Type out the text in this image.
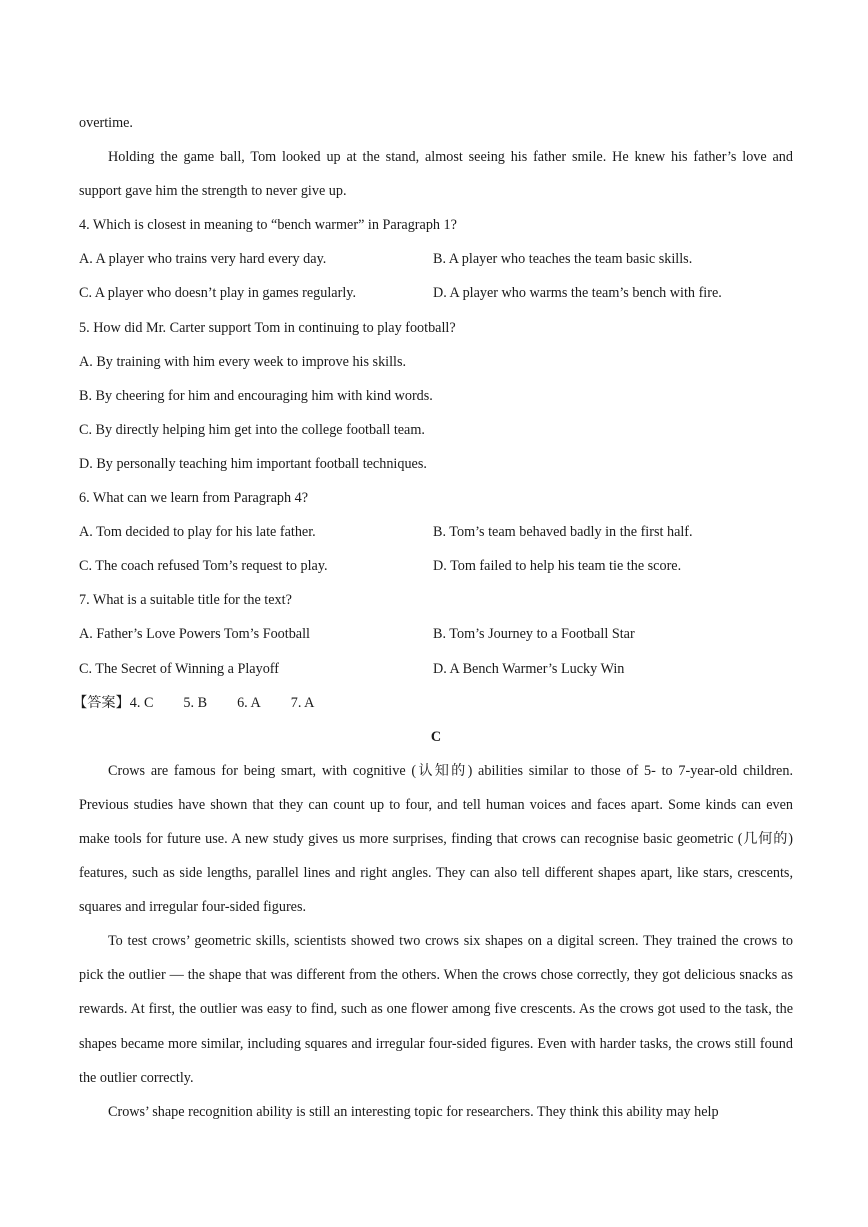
overtime.

Holding the game ball, Tom looked up at the stand, almost seeing his father smile. He knew his father’s love and support gave him the strength to never give up.

4. Which is closest in meaning to “bench warmer” in Paragraph 1?
A. A player who trains very hard every day.	B. A player who teaches the team basic skills.
C. A player who doesn’t play in games regularly.	D. A player who warms the team’s bench with fire.
5. How did Mr. Carter support Tom in continuing to play football?
A. By training with him every week to improve his skills.
B. By cheering for him and encouraging him with kind words.
C. By directly helping him get into the college football team.
D. By personally teaching him important football techniques.
6. What can we learn from Paragraph 4?
A. Tom decided to play for his late father.	B. Tom’s team behaved badly in the first half.
C. The coach refused Tom’s request to play.	D. Tom failed to help his team tie the score.
7. What is a suitable title for the text?
A. Father’s Love Powers Tom’s Football	B. Tom’s Journey to a Football Star
C. The Secret of Winning a Playoff	D. A Bench Warmer’s Lucky Win
【答案】4. C 5. B 6. A 7. A
C

Crows are famous for being smart, with cognitive (认知的) abilities similar to those of 5- to 7-year-old children. Previous studies have shown that they can count up to four, and tell human voices and faces apart. Some kinds can even make tools for future use. A new study gives us more surprises, finding that crows can recognise basic geometric (几何的) features, such as side lengths, parallel lines and right angles. They can also tell different shapes apart, like stars, crescents, squares and irregular four-sided figures.

To test crows’ geometric skills, scientists showed two crows six shapes on a digital screen. They trained the crows to pick the outlier — the shape that was different from the others. When the crows chose correctly, they got delicious snacks as rewards. At first, the outlier was easy to find, such as one flower among five crescents. As the crows got used to the task, the shapes became more similar, including squares and irregular four-sided figures. Even with harder tasks, the crows still found the outlier correctly.

Crows’ shape recognition ability is still an interesting topic for researchers. They think this ability may help
